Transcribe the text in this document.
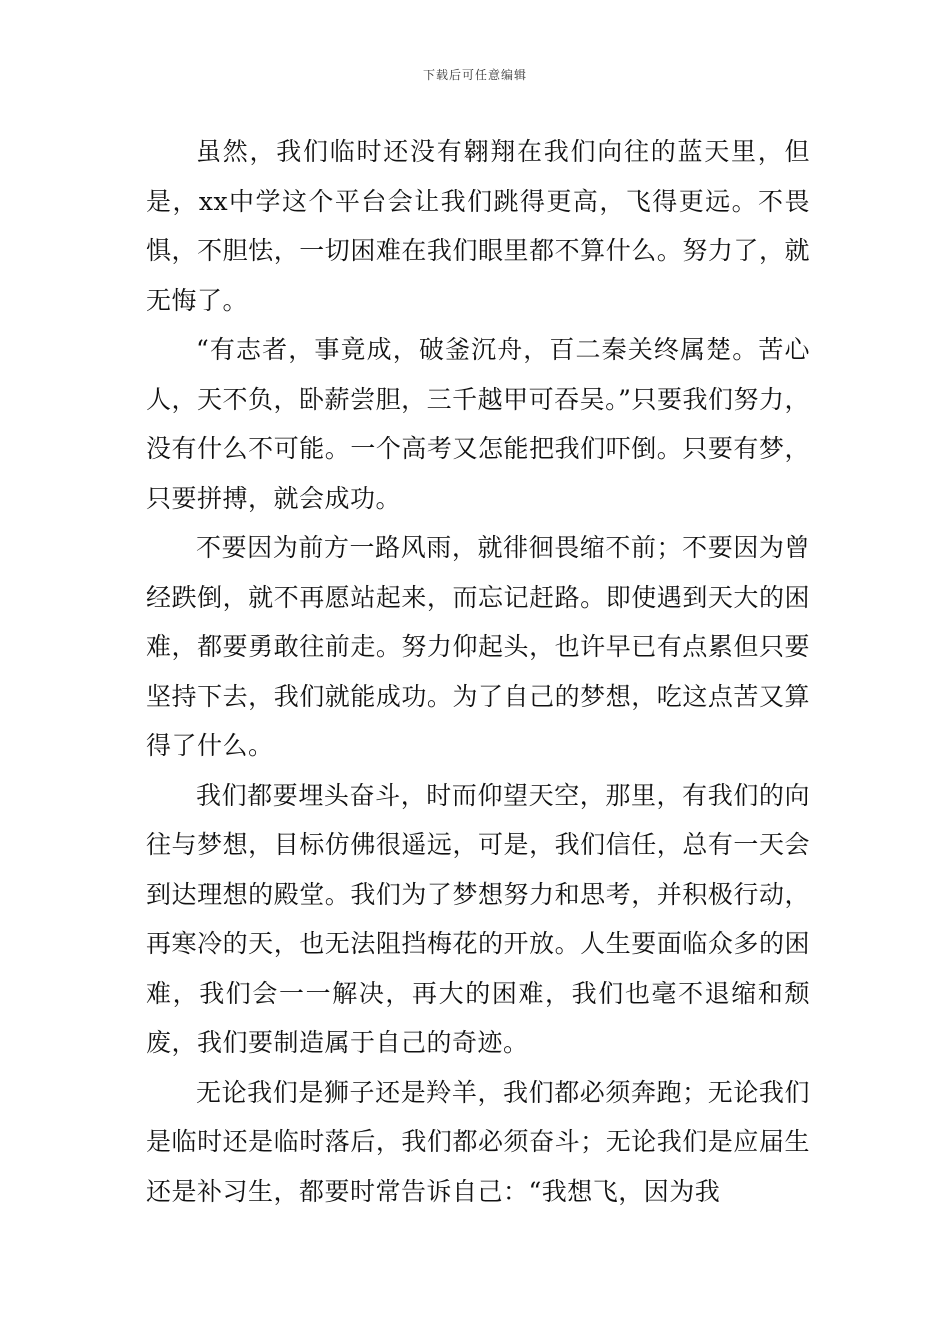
下载后可任意编辑

虽然，我们临时还没有翱翔在我们向往的蓝天里，但是，xx中学这个平台会让我们跳得更高，飞得更远。不畏惧，不胆怯，一切困难在我们眼里都不算什么。努力了，就无悔了。

“有志者，事竟成，破釜沉舟，百二秦关终属楚。苦心人，天不负，卧薪尝胆，三千越甲可吞吴。”只要我们努力，没有什么不可能。一个高考又怎能把我们吓倒。只要有梦，只要拼搏，就会成功。

不要因为前方一路风雨，就徘徊畏缩不前；不要因为曾经跌倒，就不再愿站起来，而忘记赶路。即使遇到天大的困难，都要勇敢往前走。努力仰起头，也许早已有点累但只要坚持下去，我们就能成功。为了自己的梦想，吃这点苦又算得了什么。

我们都要埋头奋斗，时而仰望天空，那里，有我们的向往与梦想，目标仿佛很遥远，可是，我们信任，总有一天会到达理想的殿堂。我们为了梦想努力和思考，并积极行动，再寒冷的天，也无法阻挡梅花的开放。人生要面临众多的困难，我们会一一解决，再大的困难，我们也毫不退缩和颓废，我们要制造属于自己的奇迹。

无论我们是狮子还是羚羊，我们都必须奔跑；无论我们是临时还是临时落后，我们都必须奋斗；无论我们是应届生还是补习生，都要时常告诉自己：“我想飞，因为我
